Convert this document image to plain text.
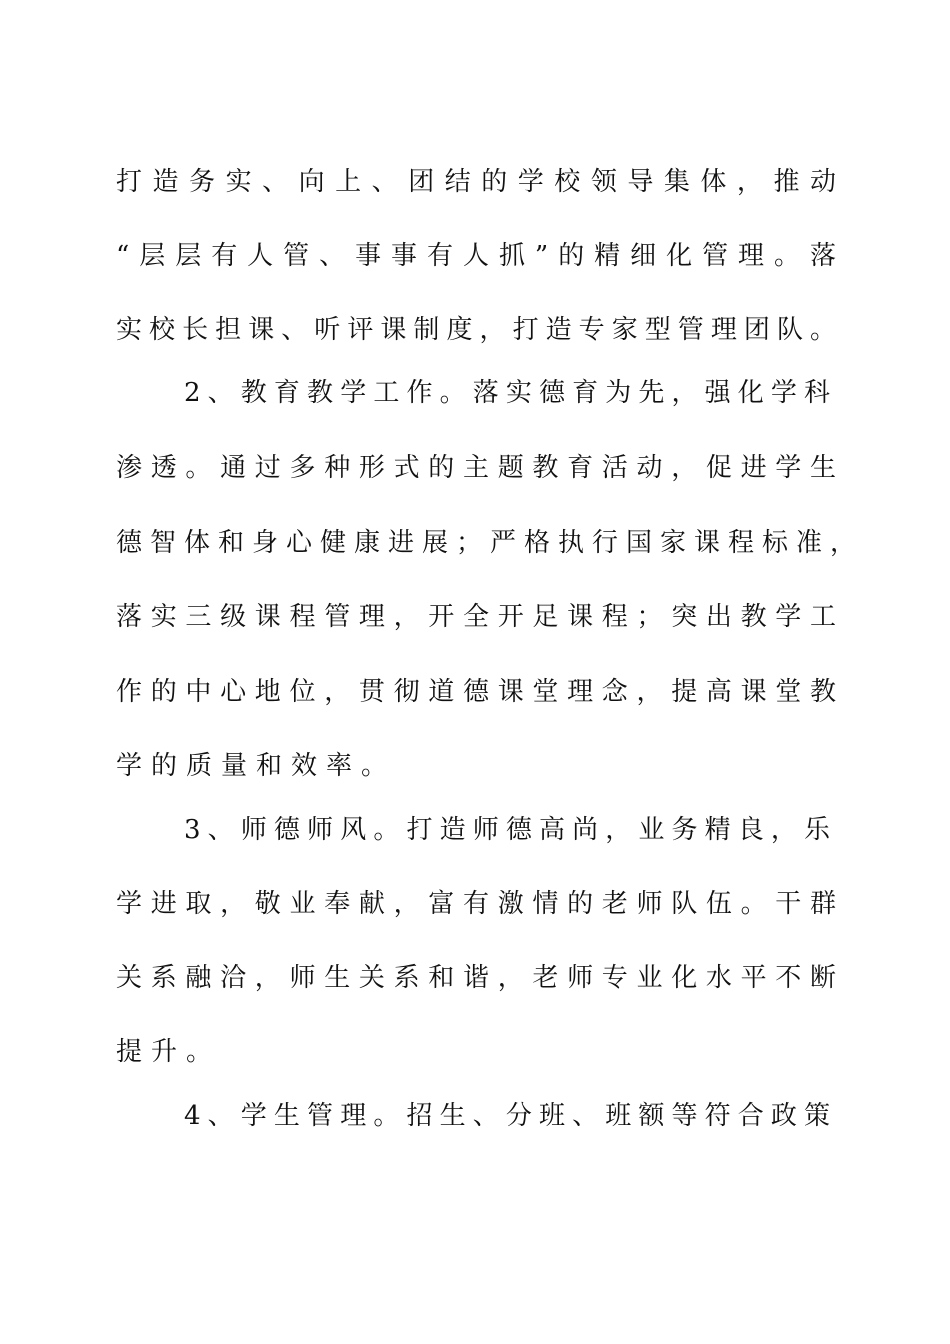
打造务实、向上、团结的学校领导集体，推动
“层层有人管、事事有人抓”的精细化管理。落
实校长担课、听评课制度，打造专家型管理团队。
2、教育教学工作。落实德育为先，强化学科
渗透。通过多种形式的主题教育活动，促进学生
德智体和身心健康进展；严格执行国家课程标准，
落实三级课程管理，开全开足课程；突出教学工
作的中心地位，贯彻道德课堂理念，提高课堂教
学的质量和效率。
3、师德师风。打造师德高尚，业务精良，乐
学进取，敬业奉献，富有激情的老师队伍。干群
关系融洽，师生关系和谐，老师专业化水平不断
提升。
4、学生管理。招生、分班、班额等符合政策
